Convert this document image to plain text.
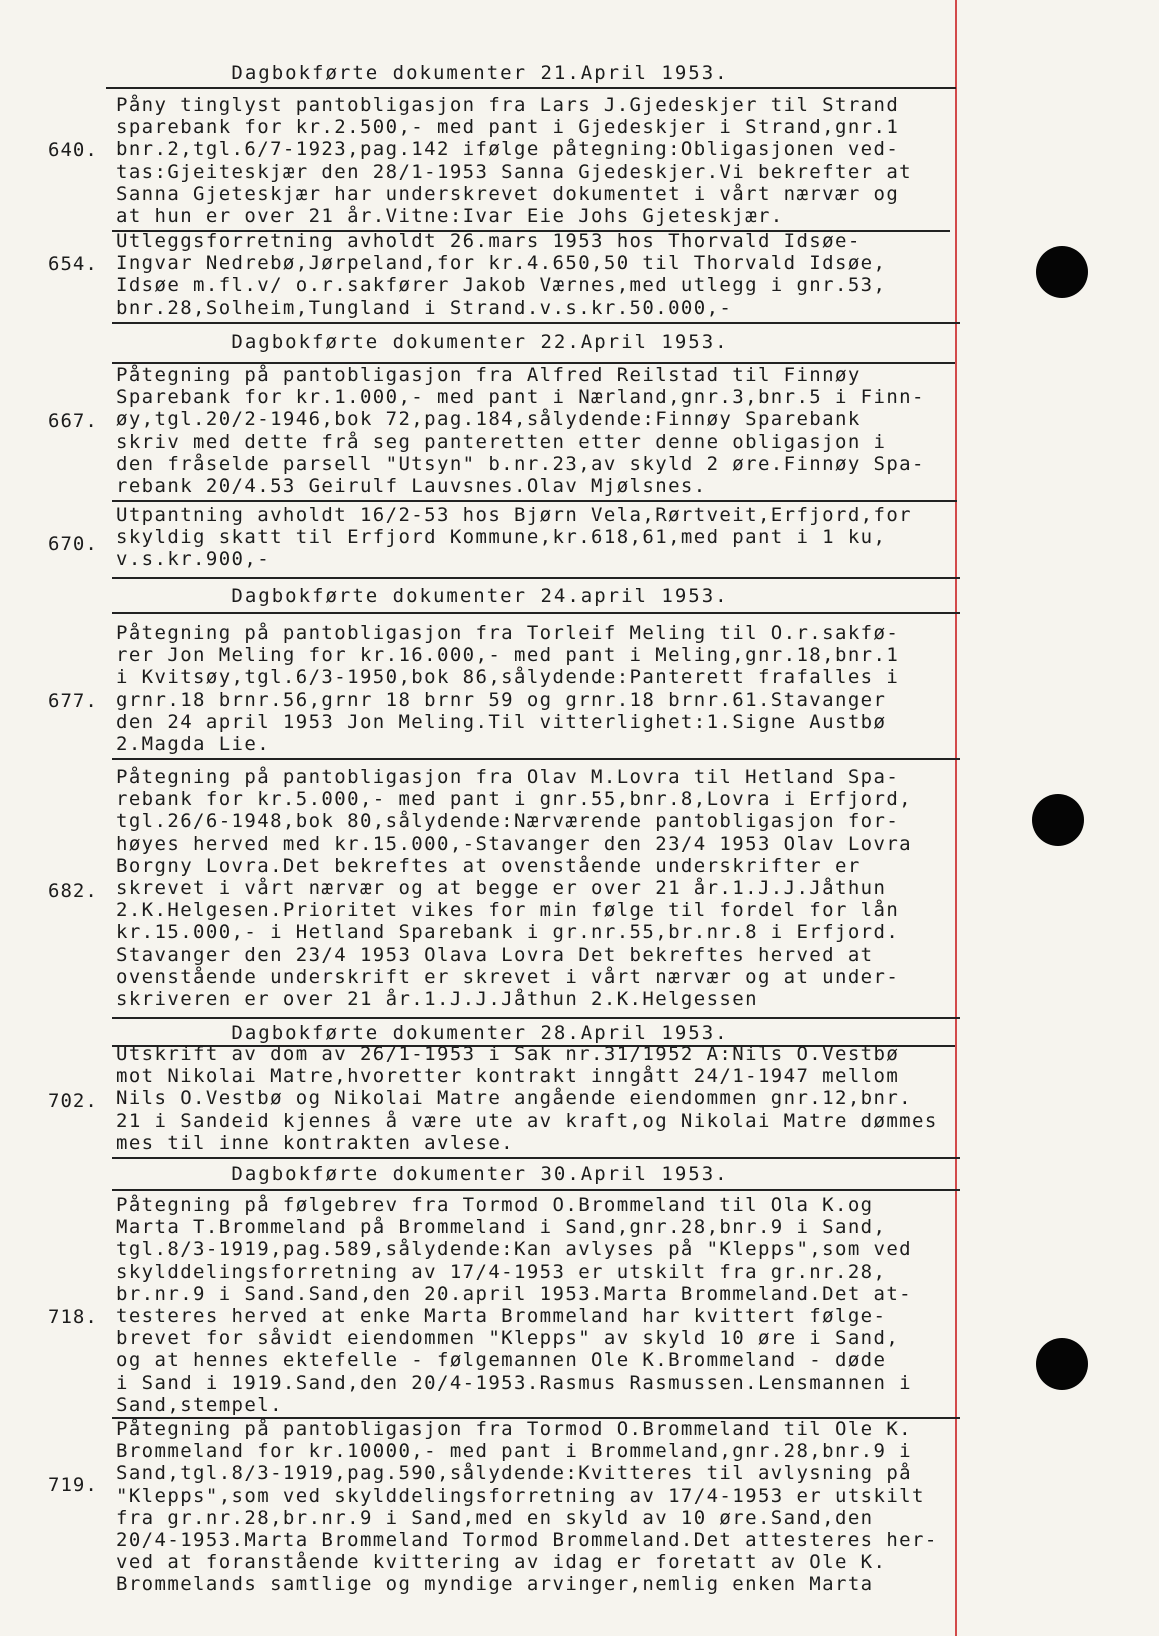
Dagbokførte dokumenter 21.April 1953.
640.
Påny tinglyst pantobligasjon fra Lars J.Gjedeskjer til Strand
sparebank for kr.2.500,- med pant i Gjedeskjer i Strand,gnr.1
bnr.2,tgl.6/7-1923,pag.142 ifølge påtegning:Obligasjonen ved-
tas:Gjeiteskjær den 28/1-1953 Sanna Gjedeskjer.Vi bekrefter at
Sanna Gjeteskjær har underskrevet dokumentet i vårt nærvær og
at hun er over 21 år.Vitne:Ivar Eie Johs Gjeteskjær.
654.
Utleggsforretning avholdt 26.mars 1953 hos Thorvald Idsøe-
Ingvar Nedrebø,Jørpeland,for kr.4.650,50 til Thorvald Idsøe,
Idsøe m.fl.v/ o.r.sakfører Jakob Værnes,med utlegg i gnr.53,
bnr.28,Solheim,Tungland i Strand.v.s.kr.50.000,-
Dagbokførte dokumenter 22.April 1953.
667.
Påtegning på pantobligasjon fra Alfred Reilstad til Finnøy
Sparebank for kr.1.000,- med pant i Nærland,gnr.3,bnr.5 i Finn-
øy,tgl.20/2-1946,bok 72,pag.184,sålydende:Finnøy Sparebank
skriv med dette frå seg panteretten etter denne obligasjon i
den fråselde parsell "Utsyn" b.nr.23,av skyld 2 øre.Finnøy Spa-
rebank 20/4.53 Geirulf Lauvsnes.Olav Mjølsnes.
670.
Utpantning avholdt 16/2-53 hos Bjørn Vela,Rørtveit,Erfjord,for
skyldig skatt til Erfjord Kommune,kr.618,61,med pant i 1 ku,
v.s.kr.900,-
Dagbokførte dokumenter 24.april 1953.
677.
Påtegning på pantobligasjon fra Torleif Meling til O.r.sakfø-
rer Jon Meling for kr.16.000,- med pant i Meling,gnr.18,bnr.1
i Kvitsøy,tgl.6/3-1950,bok 86,sålydende:Panterett frafalles i
grnr.18 brnr.56,grnr 18 brnr 59 og grnr.18 brnr.61.Stavanger
den 24 april 1953 Jon Meling.Til vitterlighet:1.Signe Austbø
2.Magda Lie.
682.
Påtegning på pantobligasjon fra Olav M.Lovra til Hetland Spa-
rebank for kr.5.000,- med pant i gnr.55,bnr.8,Lovra i Erfjord,
tgl.26/6-1948,bok 80,sålydende:Nærværende pantobligasjon for-
høyes herved med kr.15.000,-Stavanger den 23/4 1953 Olav Lovra
Borgny Lovra.Det bekreftes at ovenstående underskrifter er
skrevet i vårt nærvær og at begge er over 21 år.1.J.J.Jåthun
2.K.Helgesen.Prioritet vikes for min følge til fordel for lån
kr.15.000,- i Hetland Sparebank i gr.nr.55,br.nr.8 i Erfjord.
Stavanger den 23/4 1953 Olava Lovra Det bekreftes herved at
ovenstående underskrift er skrevet i vårt nærvær og at under-
skriveren er over 21 år.1.J.J.Jåthun 2.K.Helgessen
Dagbokførte dokumenter 28.April 1953.
702.
Utskrift av dom av 26/1-1953 i Sak nr.31/1952 A:Nils O.Vestbø
mot Nikolai Matre,hvoretter kontrakt inngått 24/1-1947 mellom
Nils O.Vestbø og Nikolai Matre angående eiendommen gnr.12,bnr.
21 i Sandeid kjennes å være ute av kraft,og Nikolai Matre dømmes
mes til inne kontrakten avlese.
Dagbokførte dokumenter 30.April 1953.
718.
Påtegning på følgebrev fra Tormod O.Brommeland til Ola K.og
Marta T.Brommeland på Brommeland i Sand,gnr.28,bnr.9 i Sand,
tgl.8/3-1919,pag.589,sålydende:Kan avlyses på "Klepps",som ved
skylddelingsforretning av 17/4-1953 er utskilt fra gr.nr.28,
br.nr.9 i Sand.Sand,den 20.april 1953.Marta Brommeland.Det at-
testeres herved at enke Marta Brommeland har kvittert følge-
brevet for såvidt eiendommen "Klepps" av skyld 10 øre i Sand,
og at hennes ektefelle - følgemannen Ole K.Brommeland - døde
i Sand i 1919.Sand,den 20/4-1953.Rasmus Rasmussen.Lensmannen i
Sand,stempel.
719.
Påtegning på pantobligasjon fra Tormod O.Brommeland til Ole K.
Brommeland for kr.10000,- med pant i Brommeland,gnr.28,bnr.9 i
Sand,tgl.8/3-1919,pag.590,sålydende:Kvitteres til avlysning på
"Klepps",som ved skylddelingsforretning av 17/4-1953 er utskilt
fra gr.nr.28,br.nr.9 i Sand,med en skyld av 10 øre.Sand,den
20/4-1953.Marta Brommeland Tormod Brommeland.Det attesteres her-
ved at foranstående kvittering av idag er foretatt av Ole K.
Brommelands samtlige og myndige arvinger,nemlig enken Marta
